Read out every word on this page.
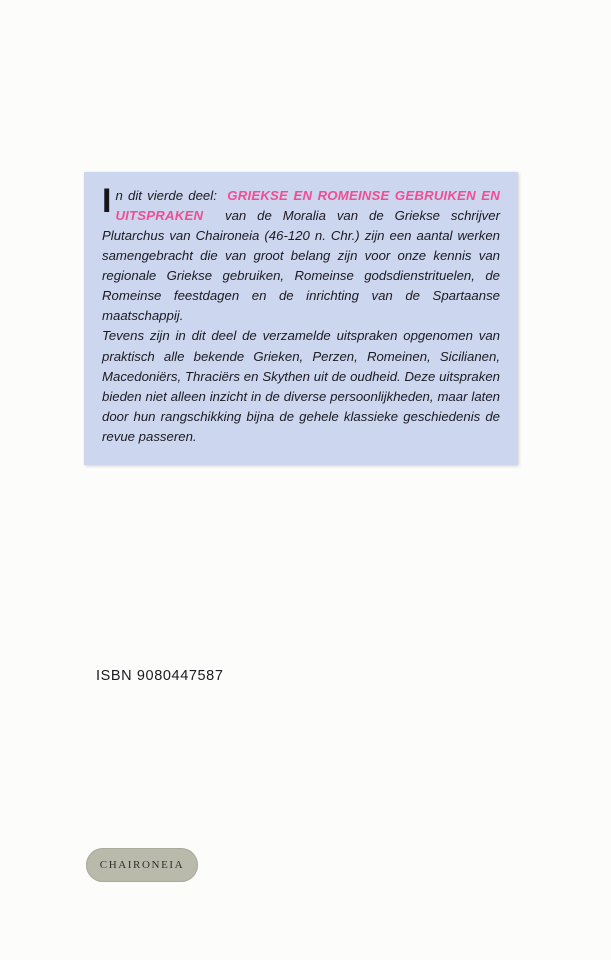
In dit vierde deel: GRIEKSE EN ROMEINSE GEBRUIKEN EN UITSPRAKEN van de Moralia van de Griekse schrijver Plutarchus van Chaironeia (46-120 n. Chr.) zijn een aantal werken samengebracht die van groot belang zijn voor onze kennis van regionale Griekse gebruiken, Romeinse godsdienstrituelen, de Romeinse feestdagen en de inrichting van de Spartaanse maatschappij.

Tevens zijn in dit deel de verzamelde uitspraken opgenomen van praktisch alle bekende Grieken, Perzen, Romeinen, Sicilianen, Macedoniërs, Thraciërs en Skythen uit de oudheid. Deze uitspraken bieden niet alleen inzicht in de diverse persoonlijkheden, maar laten door hun rangschikking bijna de gehele klassieke geschiedenis de revue passeren.

ISBN 9080447587
CHAIRONEIA
